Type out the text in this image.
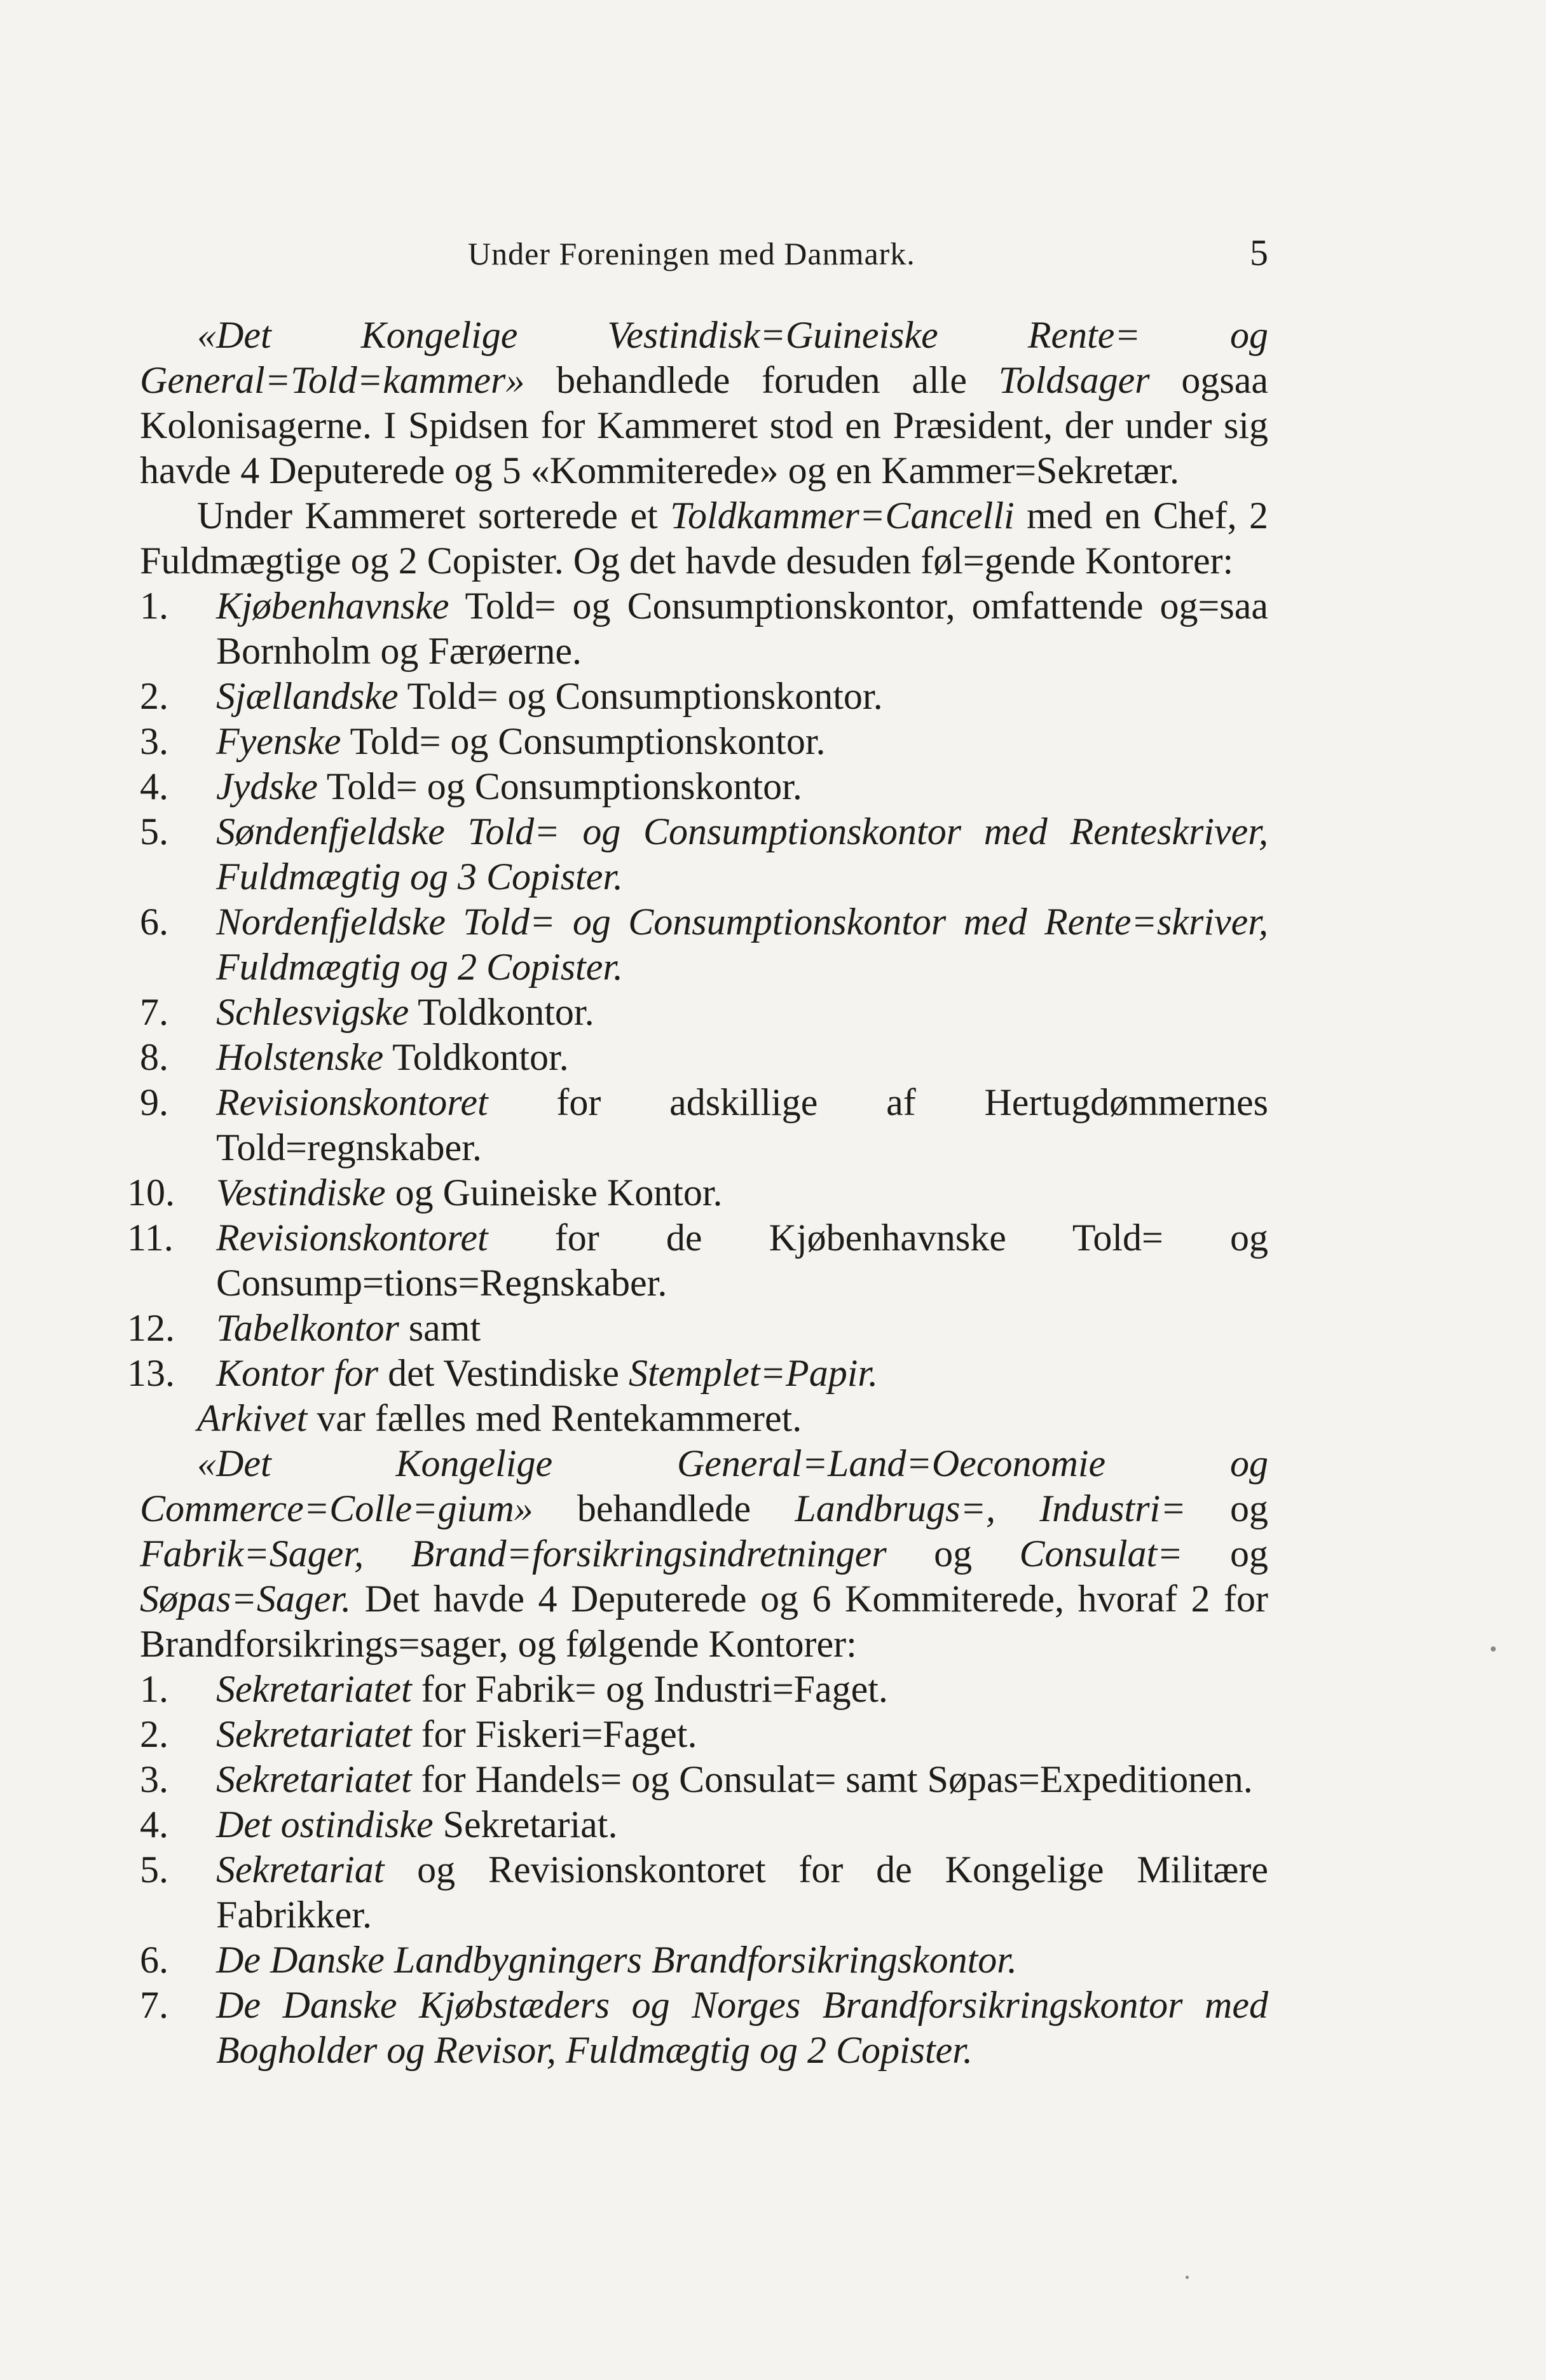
Under Foreningen med Danmark.	5

«Det Kongelige Vestindisk=Guineiske Rente= og General=Told=kammer» behandlede foruden alle Toldsager ogsaa Kolonisagerne. I Spidsen for Kammeret stod en Præsident, der under sig havde 4 Deputerede og 5 «Kommiterede» og en Kammer=Sekretær.

Under Kammeret sorterede et Toldkammer=Cancelli med en Chef, 2 Fuldmægtige og 2 Copister. Og det havde desuden føl=gende Kontorer:

1.	Kjøbenhavnske Told= og Consumptionskontor, omfattende og=saa Bornholm og Færøerne.
2.	Sjællandske Told= og Consumptionskontor.
3.	Fyenske Told= og Consumptionskontor.
4.	Jydske Told= og Consumptionskontor.
5.	Søndenfjeldske Told= og Consumptionskontor med Renteskriver, Fuldmægtig og 3 Copister.
6.	Nordenfjeldske Told= og Consumptionskontor med Rente=skriver, Fuldmægtig og 2 Copister.
7.	Schlesvigske Toldkontor.
8.	Holstenske Toldkontor.
9.	Revisionskontoret for adskillige af Hertugdømmernes Told=regnskaber.
10.	Vestindiske og Guineiske Kontor.
11.	Revisionskontoret for de Kjøbenhavnske Told= og Consump=tions=Regnskaber.
12.	Tabelkontor samt
13.	Kontor for det Vestindiske Stemplet=Papir.

Arkivet var fælles med Rentekammeret.

«Det Kongelige General=Land=Oeconomie og Commerce=Colle=gium» behandlede Landbrugs=, Industri= og Fabrik=Sager, Brand=forsikringsindretninger og Consulat= og Søpas=Sager. Det havde 4 Deputerede og 6 Kommiterede, hvoraf 2 for Brandforsikrings=sager, og følgende Kontorer:

1.	Sekretariatet for Fabrik= og Industri=Faget.
2.	Sekretariatet for Fiskeri=Faget.
3.	Sekretariatet for Handels= og Consulat= samt Søpas=Expeditionen.
4.	Det ostindiske Sekretariat.
5.	Sekretariat og Revisionskontoret for de Kongelige Militære Fabrikker.
6.	De Danske Landbygningers Brandforsikringskontor.
7.	De Danske Kjøbstæders og Norges Brandforsikringskontor med Bogholder og Revisor, Fuldmægtig og 2 Copister.
